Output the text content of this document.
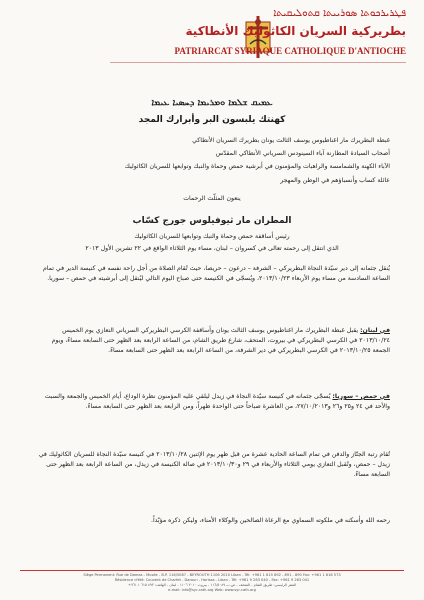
ܦܛܪܝܪܟܘܬܐ ܣܘܪܝܝܬܐ ܩܬܘܠܝܩܝܬܐ
بطريركية السريان الكاثوليك الأنطاكية
PATRIARCAT SYRIAQUE CATHOLIQUE D'ANTIOCHE
ܥܡܝܩ ܫܠܡܐ ܘܡܪܝܡܐ ܕܚܣܝܐ ܥܝܡܐ
كهنتك يلبسون البر وأبرارك المجد
غبطة البطريرك مار اغناطيوس يوسف الثالث يونان بطريرك السريان الأنطاكي
أصحاب السيادة المطارنة آباء السينودس السرياني الأنطاكي المقدّس
الآباء الكهنة والشمامسة والراهبات والمؤمنون في أبرشية حمص وحماة والنبك وتوابعها للسريان الكاثوليك
عائلة كساب وأنسباؤهم في الوطن والمهجر
ينعون المثلّث الرحمات
المطران مار ثيوفيلوس جورج كسّاب
رئيس أساقفة حمص وحماة والنبك وتوابعها للسريان الكاثوليك
الذي انتقل إلى رحمته تعالى في كسروان – لبنان، مساء يوم الثلاثاء الواقع في ٢٢ تشرين الأول ٢٠١٣
يُنقل جثمانه إلى دير سيّدة النجاة البطريركي – الشرفة – درعون – حريصا، حيث تُقام الصلاة من أجل راحة نفسه في كنيسة الدير في تمام الساعة السادسة من مساء يوم الأربعاء ٢٠١٣/١٠/٢٣، ويُسجّى في الكنيسة حتى صباح اليوم التالي ليُنقل إلى أبرشيته في حمص – سوريا.
في لبنان: يقبل غبطة البطريرك مار اغناطيوس يوسف الثالث يونان وأساقفة الكرسي البطريركي السرياني التعازي يوم الخميس ٢٠١٣/١٠/٢٤ في الكرسي البطريركي في بيروت، المتحف، شارع طريق الشام، من الساعة الرابعة بعد الظهر حتى السابعة مساءً، ويوم الجمعة ٢٠١٣/١٠/٢٥ في الكرسي البطريركي في دير الشرفة، من الساعة الرابعة بعد الظهر حتى السابعة مساءً.
في حمص – سوريا: يُسجّى جثمانه في كنيسة سيّدة النجاة في زيدل ليلقي عليه المؤمنون نظرة الوداع، أيام الخميس والجمعة والسبت والأحد في ٢٤ و٢٥ و٢٦ و٢٧/١٠/٢٠١٣، من العاشرة صباحاً حتى الواحدة ظهراً، ومن الرابعة بعد الظهر حتى السابعة مساءً.
تُقام رتبة الجنّاز والدفن في تمام الساعة الحادية عشرة من قبل ظهر يوم الإثنين ٢٠١٣/١٠/٢٨ في كنيسة سيّدة النجاة للسريان الكاثوليك في زيدل – حمص، وتُقبل التعازي يومي الثلاثاء والأربعاء في ٢٩ و٢٠١٣/١٠/٣٠ في صالة الكنيسة في زيدل، من الساعة الرابعة بعد الظهر حتى السابعة مساءً.
رحمه الله وأسكنه في ملكوته السماوي مع الرعاة الصالحين والوكلاء الأمناء، وليكن ذكره مؤبّداً.
Siège Permanent: Rue de Damas - Musée - B.P. 116/5087 - BEYROUTH 1106 2010 Liban - Tél: +961 1 615 892 - 891 - 890 Fax: +961 1 616 573
Résidence d'été: Couvent de Charfet - Daroun - Harissa - Liban - Tél: +961 9 263 040 - Fax: +961 9 263 041
المقر الرئيسي: طريق الشام - المتحف - ص.ب ١١٦/٥٠٨٧ - بيروت ٢٠١٠ ١١٠٦ - لبنان - الهاتف: ٨٩٢ ٦١٥ ١ ٩٦١+
e-mail: info@syr-cath.org Web: www.syr-cath.org
